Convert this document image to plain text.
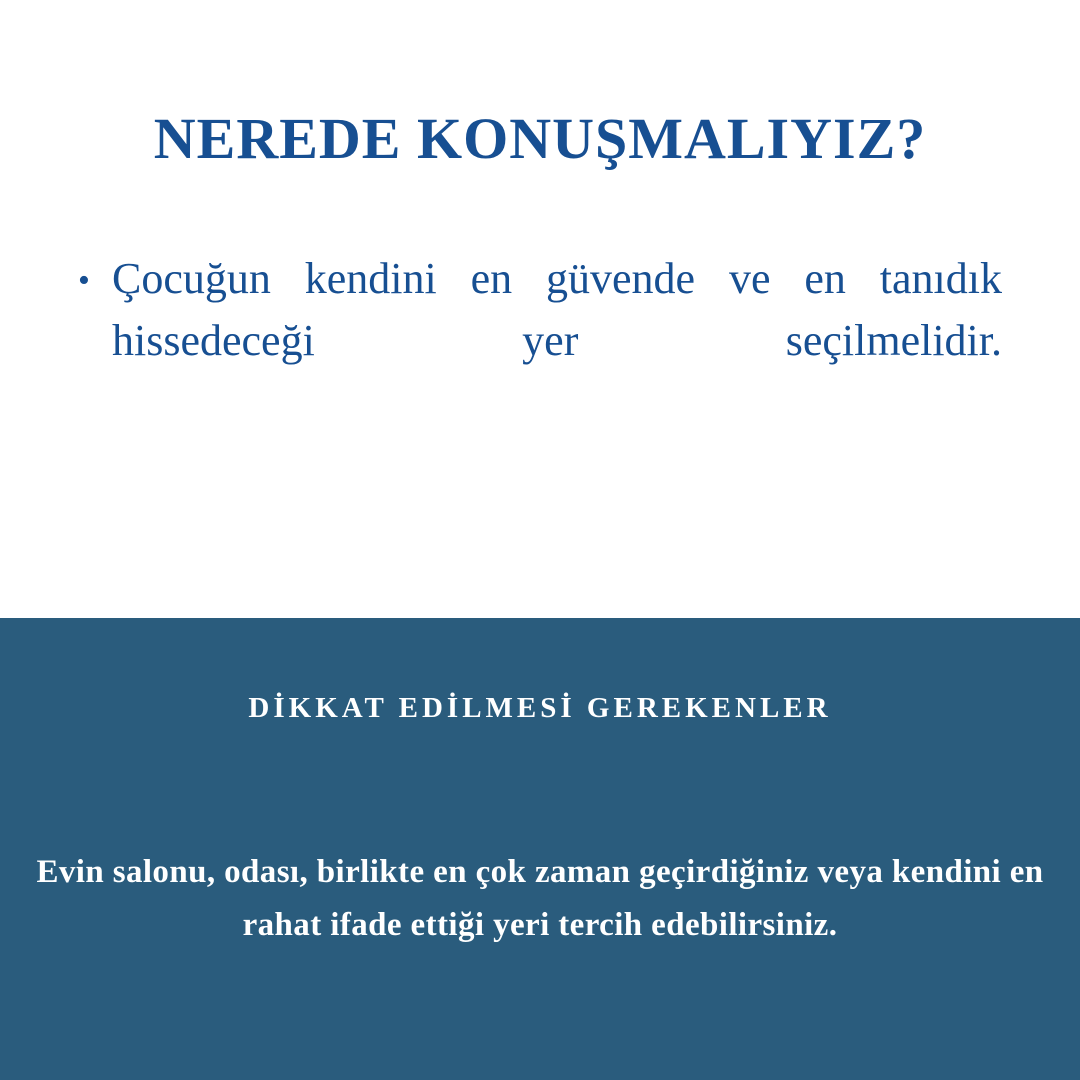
NEREDE KONUŞMALIYIZ?
• Çocuğun kendini en güvende ve en tanıdık hissedeceği yer seçilmelidir.
DİKKAT EDİLMESİ GEREKENLER
Evin salonu, odası, birlikte en çok zaman geçirdiğiniz veya kendini en rahat ifade ettiği yeri tercih edebilirsiniz.
